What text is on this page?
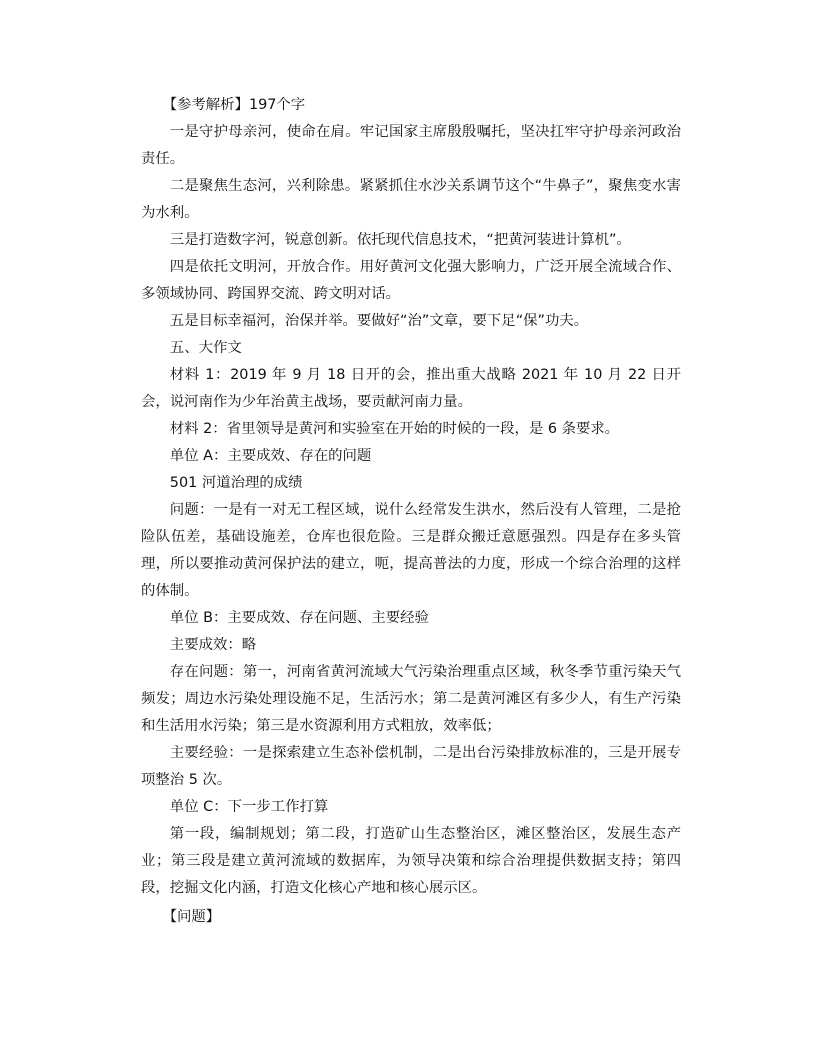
【参考解析】197个字

一是守护母亲河，使命在肩。牢记国家主席殷殷嘱托，坚决扛牢守护母亲河政治责任。

二是聚焦生态河，兴利除患。紧紧抓住水沙关系调节这个“牛鼻子”，聚焦变水害为水利。

三是打造数字河，锐意创新。依托现代信息技术，“把黄河装进计算机”。

四是依托文明河，开放合作。用好黄河文化强大影响力，广泛开展全流域合作、多领域协同、跨国界交流、跨文明对话。

五是目标幸福河，治保并举。要做好“治”文章，要下足“保”功夫。

五、大作文

材料 1：2019 年 9 月 18 日开的会，推出重大战略 2021 年 10 月 22 日开会，说河南作为少年治黄主战场，要贡献河南力量。

材料 2：省里领导是黄河和实验室在开始的时候的一段，是 6 条要求。

单位 A：主要成效、存在的问题

501 河道治理的成绩

问题：一是有一对无工程区域，说什么经常发生洪水，然后没有人管理，二是抢险队伍差，基础设施差，仓库也很危险。三是群众搬迁意愿强烈。四是存在多头管理，所以要推动黄河保护法的建立，呃，提高普法的力度，形成一个综合治理的这样的体制。

单位 B：主要成效、存在问题、主要经验

主要成效：略

存在问题：第一，河南省黄河流域大气污染治理重点区域，秋冬季节重污染天气频发；周边水污染处理设施不足，生活污水；第二是黄河滩区有多少人，有生产污染和生活用水污染；第三是水资源利用方式粗放，效率低；

主要经验：一是探索建立生态补偿机制，二是出台污染排放标准的，三是开展专项整治 5 次。

单位 C：下一步工作打算

第一段，编制规划；第二段，打造矿山生态整治区，滩区整治区，发展生态产业；第三段是建立黄河流域的数据库，为领导决策和综合治理提供数据支持；第四段，挖掘文化内涵，打造文化核心产地和核心展示区。

【问题】
